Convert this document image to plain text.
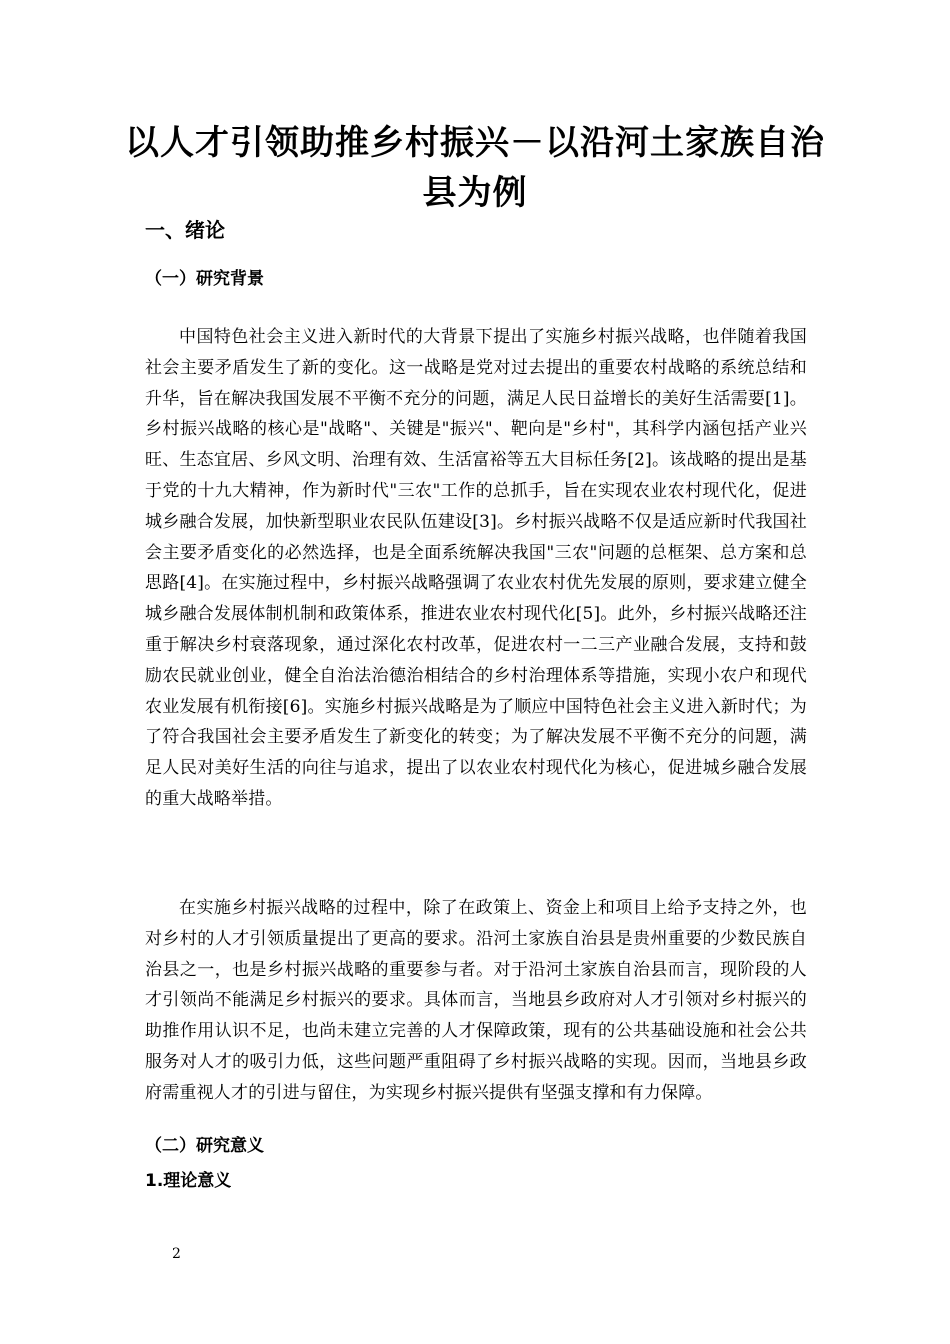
以人才引领助推乡村振兴－以沿河土家族自治县为例
一、绪论
（一）研究背景

中国特色社会主义进入新时代的大背景下提出了实施乡村振兴战略，也伴随着我国社会主要矛盾发生了新的变化。这一战略是党对过去提出的重要农村战略的系统总结和升华，旨在解决我国发展不平衡不充分的问题，满足人民日益增长的美好生活需要[1]。乡村振兴战略的核心是"战略"、关键是"振兴"、靶向是"乡村"，其科学内涵包括产业兴旺、生态宜居、乡风文明、治理有效、生活富裕等五大目标任务[2]。该战略的提出是基于党的十九大精神，作为新时代"三农"工作的总抓手，旨在实现农业农村现代化，促进城乡融合发展，加快新型职业农民队伍建设[3]。乡村振兴战略不仅是适应新时代我国社会主要矛盾变化的必然选择，也是全面系统解决我国"三农"问题的总框架、总方案和总思路[4]。在实施过程中，乡村振兴战略强调了农业农村优先发展的原则，要求建立健全城乡融合发展体制机制和政策体系，推进农业农村现代化[5]。此外，乡村振兴战略还注重于解决乡村衰落现象，通过深化农村改革，促进农村一二三产业融合发展，支持和鼓励农民就业创业，健全自治法治德治相结合的乡村治理体系等措施，实现小农户和现代农业发展有机衔接[6]。实施乡村振兴战略是为了顺应中国特色社会主义进入新时代；为了符合我国社会主要矛盾发生了新变化的转变；为了解决发展不平衡不充分的问题，满足人民对美好生活的向往与追求，提出了以农业农村现代化为核心，促进城乡融合发展的重大战略举措。

在实施乡村振兴战略的过程中，除了在政策上、资金上和项目上给予支持之外，也对乡村的人才引领质量提出了更高的要求。沿河土家族自治县是贵州重要的少数民族自治县之一，也是乡村振兴战略的重要参与者。对于沿河土家族自治县而言，现阶段的人才引领尚不能满足乡村振兴的要求。具体而言，当地县乡政府对人才引领对乡村振兴的助推作用认识不足，也尚未建立完善的人才保障政策，现有的公共基础设施和社会公共服务对人才的吸引力低，这些问题严重阻碍了乡村振兴战略的实现。因而，当地县乡政府需重视人才的引进与留住，为实现乡村振兴提供有坚强支撑和有力保障。

（二）研究意义
1.理论意义
2
